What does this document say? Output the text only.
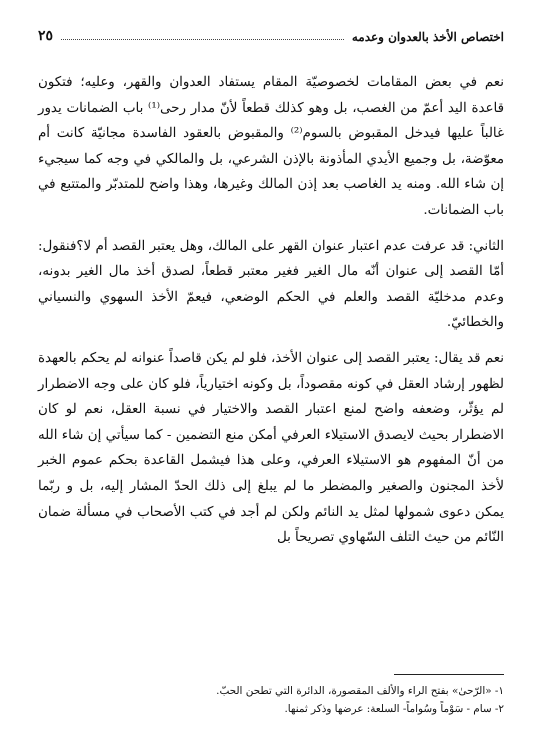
اختصاص الأخذ بالعدوان وعدمه
٢٥

نعم في بعض المقامات لخصوصيّة المقام يستفاد العدوان والقهر، وعليه؛ فتكون قاعدة اليد أعمّ من الغصب، بل وهو كذلك قطعاً لأنّ مدار رحى⁽¹⁾ باب الضمانات يدور غالباً عليها فيدخل المقبوض بالسوم⁽²⁾ والمقبوض بالعقود الفاسدة مجانيّة كانت أم معوّضة، بل وجميع الأيدي المأذونة بالإذن الشرعي، بل والمالكي في وجه كما سيجيء إن شاء الله. ومنه يد الغاصب بعد إذن المالك وغيرها، وهذا واضح للمتدبّر والمتتبع في باب الضمانات.

الثاني: قد عرفت عدم اعتبار عنوان القهر على المالك، وهل يعتبر القصد أم لا؟فنقول: أمّا القصد إلى عنوان أنّه مال الغير فغير معتبر قطعاً، لصدق أخذ مال الغير بدونه، وعدم مدخليّة القصد والعلم في الحكم الوضعي، فيعمّ الأخذ السهوي والنسياني والخطائيّ.

نعم قد يقال: يعتبر القصد إلى عنوان الأخذ، فلو لم يكن قاصداً عنوانه لم يحكم بالعهدة لظهور إرشاد العقل في كونه مقصوداً، بل وكونه اختيارياً، فلو كان على وجه الاضطرار لم يؤثّر، وضعفه واضح لمنع اعتبار القصد والاختيار في نسبة العقل، نعم لو كان الاضطرار بحيث لايصدق الاستيلاء العرفي أمكن منع التضمين - كما سيأتي إن شاء الله من أنّ المفهوم هو الاستيلاء العرفي، وعلى هذا فيشمل القاعدة بحكم عموم الخبر لأخذ المجنون والصغير والمضطر ما لم يبلغ إلى ذلك الحدّ المشار إليه، بل و ربّما يمكن دعوى شمولها لمثل يد النائم ولكن لم أجد في كتب الأصحاب في مسألة ضمان النّائم من حيث التلف السّهاوي تصريحاً بل

١- «الرّحىٰ» بفتح الراء والألف المقصورة، الدائرة التي تطحن الحبّ.

٢- سام - سَوْماً وسُواماً- السلعة: عرضها وذكر ثمنها.
